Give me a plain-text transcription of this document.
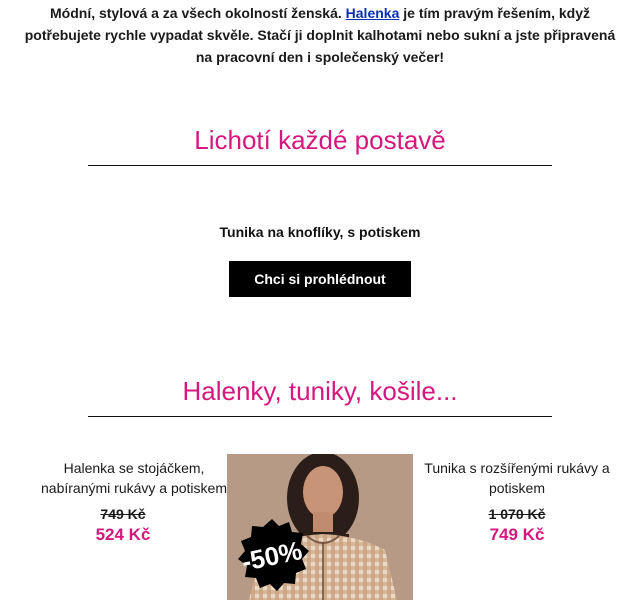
Módní, stylová a za všech okolností ženská. Halenka je tím pravým řešením, když potřebujete rychle vypadat skvěle. Stačí ji doplnit kalhotami nebo sukní a jste připravená na pracovní den i společenský večer!
Lichotí každé postavě
Tunika na knoflíky, s potiskem
Chci si prohlédnout
Halenky, tuniky, košile...
Halenka se stojáčkem, nabíranými rukávy a potiskem
749 Kč
524 Kč
-50%
Tunika s rozšířenými rukávy a potiskem
1 070 Kč
749 Kč
